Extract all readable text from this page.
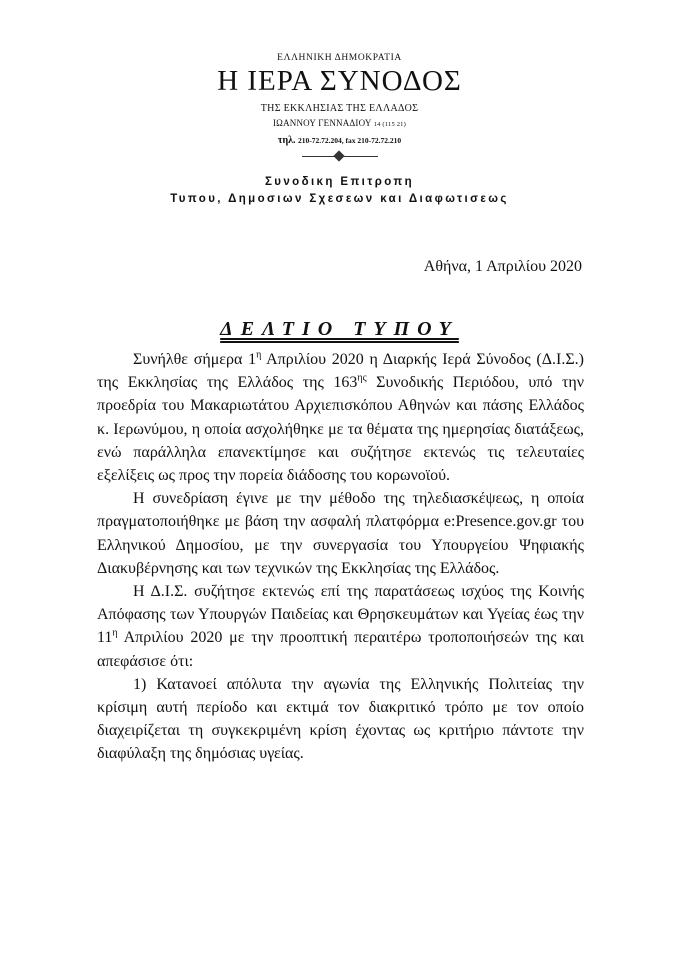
ΕΛΛΗΝΙΚΗ ΔΗΜΟΚΡΑΤΙΑ
Η ΙΕΡΑ ΣΥΝΟΔΟΣ
ΤΗΣ ΕΚΚΛΗΣΙΑΣ ΤΗΣ ΕΛΛΑΔΟΣ
ΙΩΑΝΝΟΥ ΓΕΝΝΑΔΙΟΥ 14 (115 21)
τηλ. 210-72.72.204, fax 210-72.72.210
Συνοδικη Επιτροπη
Τυπου, Δημοσιων Σχεσεων και Διαφωτισεως
Αθήνα, 1 Απριλίου 2020
ΔΕΛΤΙΟ ΤΥΠΟΥ

Συνήλθε σήμερα $1^\eta$ Απριλίου 2020 η Διαρκής Ιερά Σύνοδος (Δ.Ι.Σ.) της Εκκλησίας της Ελλάδος της $163^{\eta\varsigma}$ Συνοδικής Περιόδου, υπό την προεδρία του Μακαριωτάτου Αρχιεπισκόπου Αθηνών και πάσης Ελλάδος κ. Ιερωνύμου, η οποία ασχολήθηκε με τα θέματα της ημερησίας διατάξεως, ενώ παράλληλα επανεκτίμησε και συζήτησε εκτενώς τις τελευταίες εξελίξεις ως προς την πορεία διάδοσης του κορωνοϊού.

Η συνεδρίαση έγινε με την μέθοδο της τηλεδιασκέψεως, η οποία πραγματοποιήθηκε με βάση την ασφαλή πλατφόρμα e:Presence.gov.gr του Ελληνικού Δημοσίου, με την συνεργασία του Υπουργείου Ψηφιακής Διακυβέρνησης και των τεχνικών της Εκκλησίας της Ελλάδος.

Η Δ.Ι.Σ. συζήτησε εκτενώς επί της παρατάσεως ισχύος της Κοινής Απόφασης των Υπουργών Παιδείας και Θρησκευμάτων και Υγείας έως την $11^\eta$ Απριλίου 2020 με την προοπτική περαιτέρω τροποποιήσεών της και απεφάσισε ότι:

1) Κατανοεί απόλυτα την αγωνία της Ελληνικής Πολιτείας την κρίσιμη αυτή περίοδο και εκτιμά τον διακριτικό τρόπο με τον οποίο διαχειρίζεται τη συγκεκριμένη κρίση έχοντας ως κριτήριο πάντοτε την διαφύλαξη της δημόσιας υγείας.
